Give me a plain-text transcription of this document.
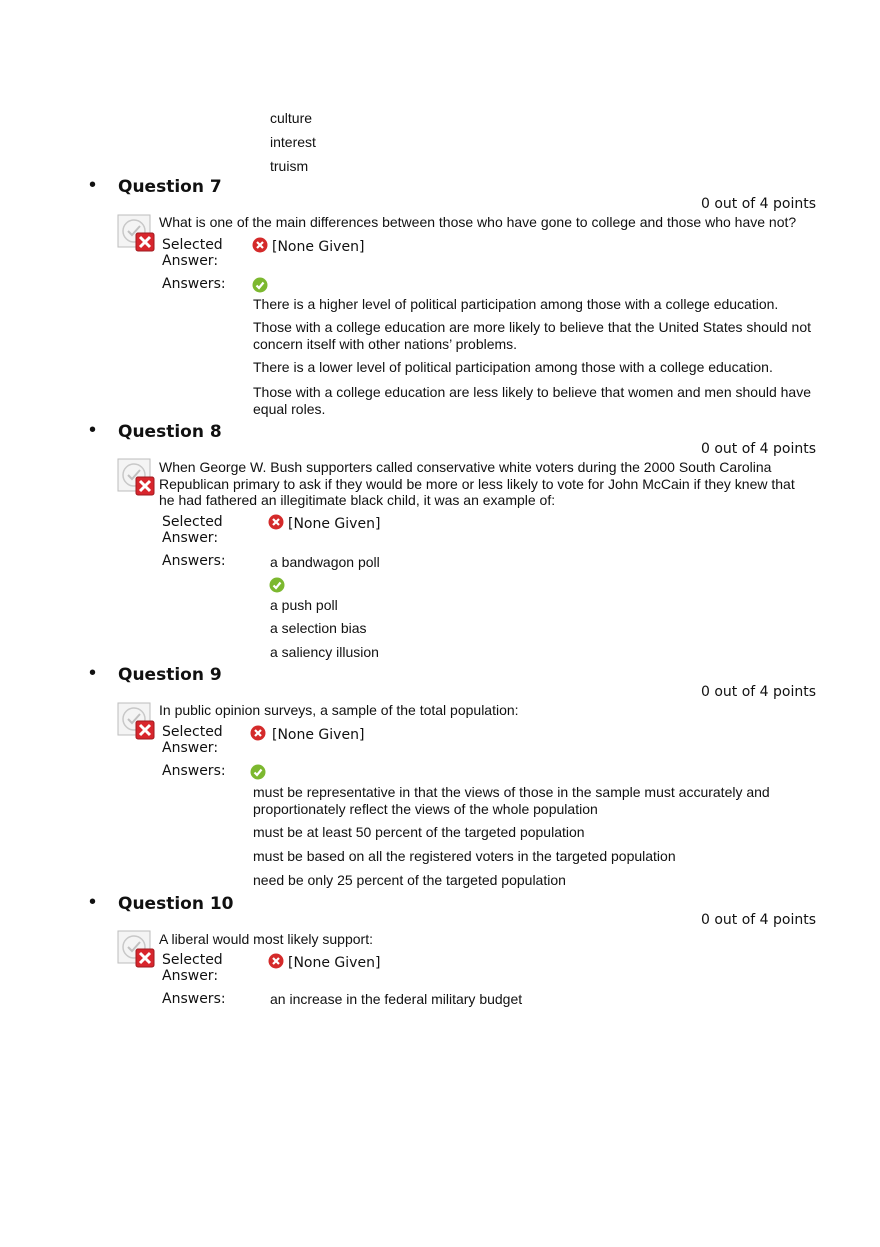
culture
interest
truism
• Question 7
0 out of 4 points
What is one of the main differences between those who have gone to college and those who have not?
Selected
Answer:
[None Given]
Answers:
There is a higher level of political participation among those with a college education.
Those with a college education are more likely to believe that the United States should not
concern itself with other nations’ problems.
There is a lower level of political participation among those with a college education.
Those with a college education are less likely to believe that women and men should have
equal roles.
• Question 8
0 out of 4 points
When George W. Bush supporters called conservative white voters during the 2000 South Carolina
Republican primary to ask if they would be more or less likely to vote for John McCain if they knew that
he had fathered an illegitimate black child, it was an example of:
Selected
Answer:
[None Given]
Answers:	a bandwagon poll
a push poll
a selection bias
a saliency illusion
• Question 9
0 out of 4 points
In public opinion surveys, a sample of the total population:
Selected
Answer:
[None Given]
Answers:
must be representative in that the views of those in the sample must accurately and
proportionately reflect the views of the whole population
must be at least 50 percent of the targeted population
must be based on all the registered voters in the targeted population
need be only 25 percent of the targeted population
• Question 10
0 out of 4 points
A liberal would most likely support:
Selected
Answer:
[None Given]
Answers:	an increase in the federal military budget
